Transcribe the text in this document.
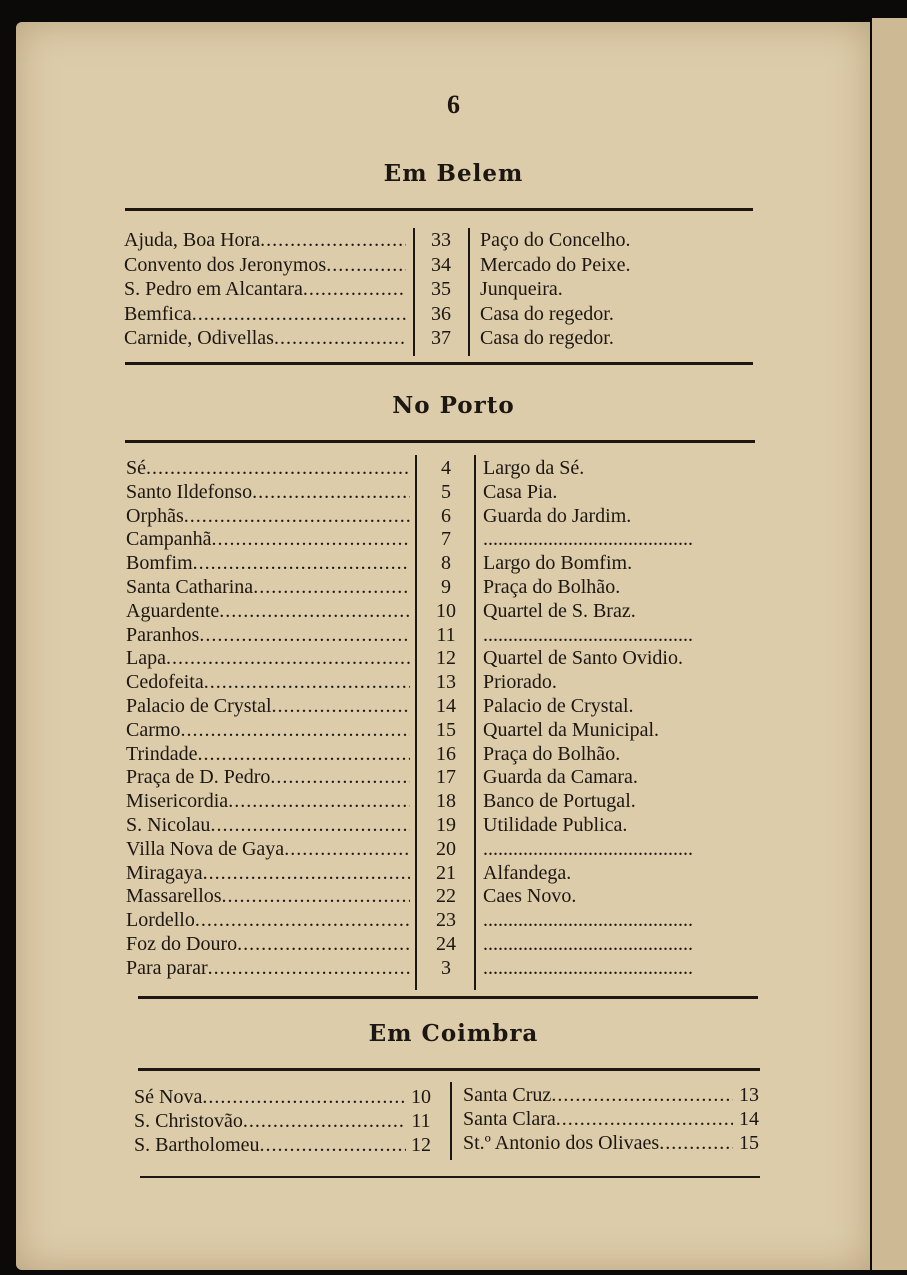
6
Em Belem
Ajuda, Boa Hora .....	33	Paço do Concelho.
Convento dos Jeronymos .....	34	Mercado do Peixe.
S. Pedro em Alcantara .....	35	Junqueira.
Bemfica .....	36	Casa do regedor.
Carnide, Odivellas .....	37	Casa do regedor.
No Porto
Sé .....	4	Largo da Sé.
Santo Ildefonso .....	5	Casa Pia.
Orphãs .....	6	Guarda do Jardim.
Campanhã .....	7	..........................................
Bomfim .....	8	Largo do Bomfim.
Santa Catharina .....	9	Praça do Bolhão.
Aguardente .....	10	Quartel de S. Braz.
Paranhos .....	11	..........................................
Lapa .....	12	Quartel de Santo Ovidio.
Cedofeita .....	13	Priorado.
Palacio de Crystal .....	14	Palacio de Crystal.
Carmo .....	15	Quartel da Municipal.
Trindade .....	16	Praça do Bolhão.
Praça de D. Pedro .....	17	Guarda da Camara.
Misericordia .....	18	Banco de Portugal.
S. Nicolau .....	19	Utilidade Publica.
Villa Nova de Gaya .....	20	..........................................
Miragaya .....	21	Alfandega.
Massarellos .....	22	Caes Novo.
Lordello .....	23	..........................................
Foz do Douro .....	24	..........................................
Para parar .....	3	..........................................
Em Coimbra
Sé Nova .....	10
S. Christovão .....	11
S. Bartholomeu .....	12
Santa Cruz .....	13
Santa Clara .....	14
St.º Antonio dos Olivaes .....	15
